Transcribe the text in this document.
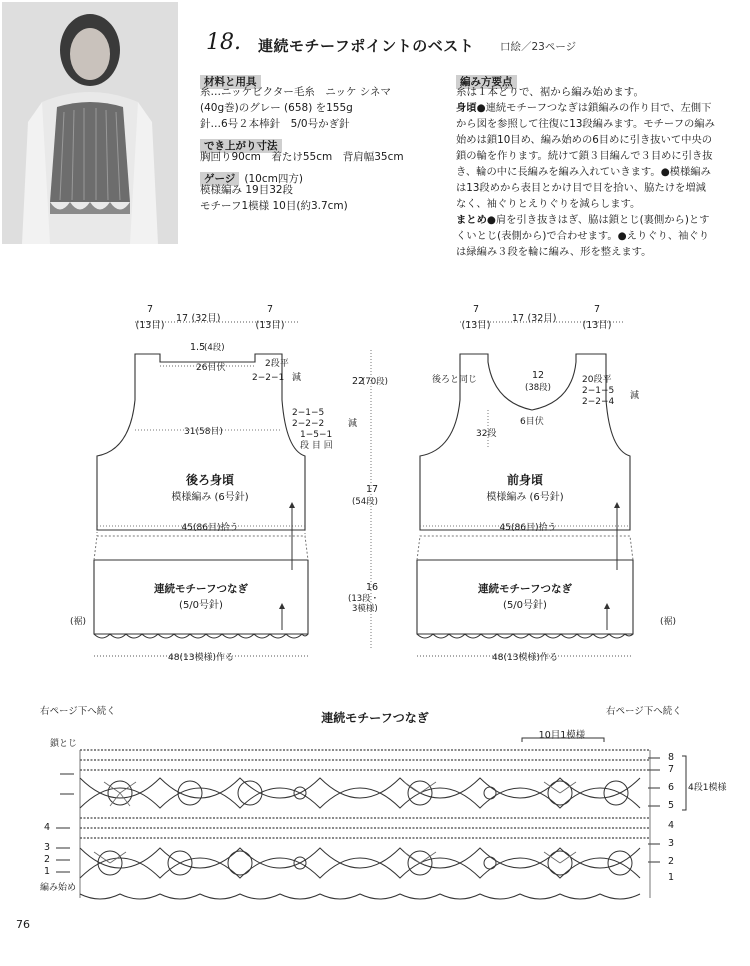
18. 連続モチーフポイントのベスト 口絵／23ページ
材料と用具
糸…ニッケビクター毛糸　ニッケ シネマ
(40g巻)のグレー (658) を155g
針…6号２本棒針　5/0号かぎ針
でき上がり寸法
胸回り90cm　着たけ55cm　背肩幅35cm
ゲージ (10cm四方)
模様編み 19目32段
モチーフ1模様 10目(約3.7cm)
編み方要点
糸は１本どりで、裾から編み始めます。
身頃●連続モチーフつなぎは鎖編みの作り目で、左側下から図を参照して往復に13段編みます。モチーフの編み始めは鎖10目め、編み始めの6目めに引き抜いて中央の鎖の輪を作ります。続けて鎖３目編んで３目めに引き抜き、輪の中に長編みを編み入れていきます。●模様編みは13段めから表目とかけ目で目を拾い、脇たけを増減なく、袖ぐりとえりぐりを減らします。
まとめ●肩を引き抜きはぎ、脇は鎖とじ(裏側から)とすくいとじ(表側から)で合わせます。●えりぐり、袖ぐりは緑編み３段を輪に編み、形を整えます。
7
(13目)
17 (32目)
7
(13目)
1.5
(4段)
26目伏	2段平
2−2−1 減
2−1−5
2−2−2
1−5−1
段 目 回
減
31(58目)
後ろ身頃
模様編み (6号針)
45(86目)拾う
連続モチーフつなぎ
(5/0号針)
(裾)
48(13模様)作る
22
(70段)
17
(54段)
16
(13段・
3模様)
7
(13目)
17 (32目)
7
(13目)
12
(38段)
6目伏
20段平
2−1−5
2−2−4
減
後ろと同じ
32段
前身頃
模様編み (6号針)
45(86目)拾う
連続モチーフつなぎ
(5/0号針)
(裾)
48(13模様)作る
右ページ下へ続く	右ページ下へ続く
連続モチーフつなぎ
10目1模様
鎖とじ
編み始め
4段1模様
4
3
2
1
8
7
6
5
4
3
2
1
76
